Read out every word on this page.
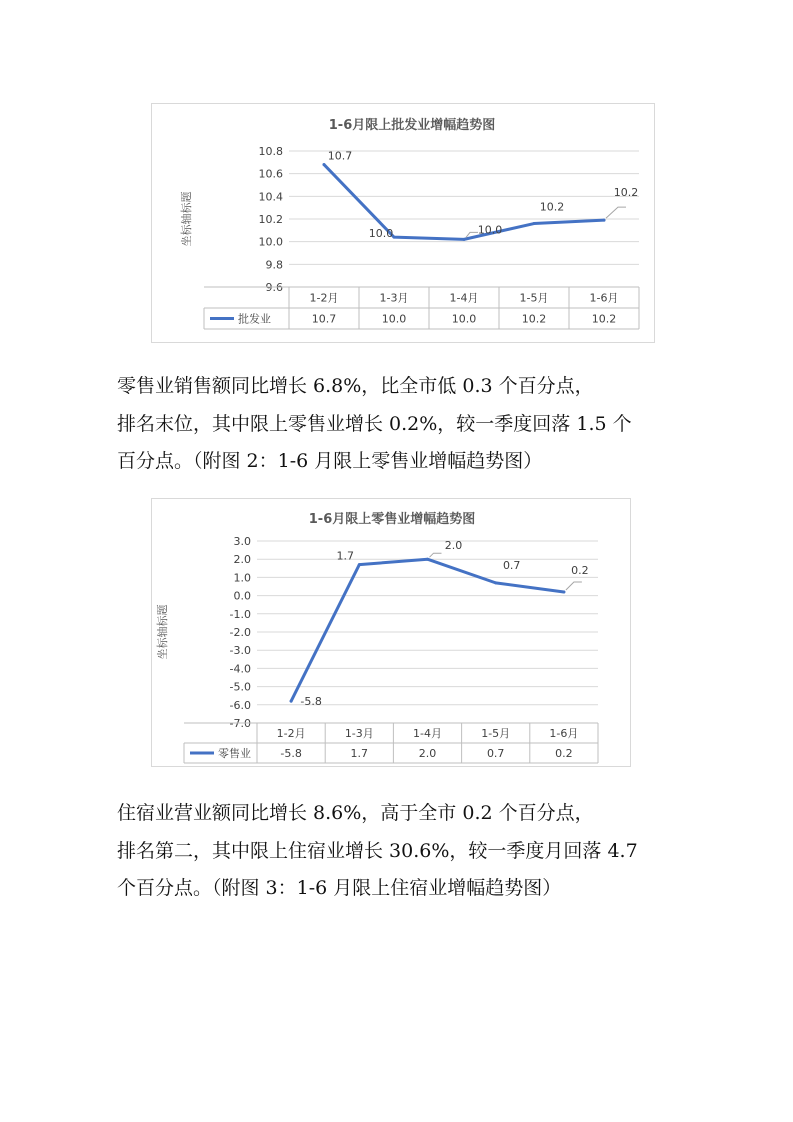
1-6月限上批发业增幅趋势图
坐标轴标题
9.6
9.8
10.0
10.2
10.4
10.6
10.8
1-2月
10.7
1-3月
10.0
1-4月
10.0
1-5月
10.2
1-6月
10.2
批发业
10.7
10.0	10.0
10.2
10.2

零售业销售额同比增长 6.8%，比全市低 0.3 个百分点，
排名末位，其中限上零售业增长 0.2%，较一季度回落 1.5 个
百分点。（附图 2：1-6 月限上零售业增幅趋势图）

1-6月限上零售业增幅趋势图
坐标轴标题
-7.0
-6.0
-5.0
-4.0
-3.0
-2.0
-1.0
0.0
1.0
2.0
3.0
1-2月
-5.8
1-3月
1.7
1-4月
2.0
1-5月
0.7
1-6月
0.2
零售业
-5.8
1.7
2.0
0.7	0.2

住宿业营业额同比增长 8.6%，高于全市 0.2 个百分点，
排名第二，其中限上住宿业增长 30.6%，较一季度月回落 4.7
个百分点。（附图 3：1-6 月限上住宿业增幅趋势图）
